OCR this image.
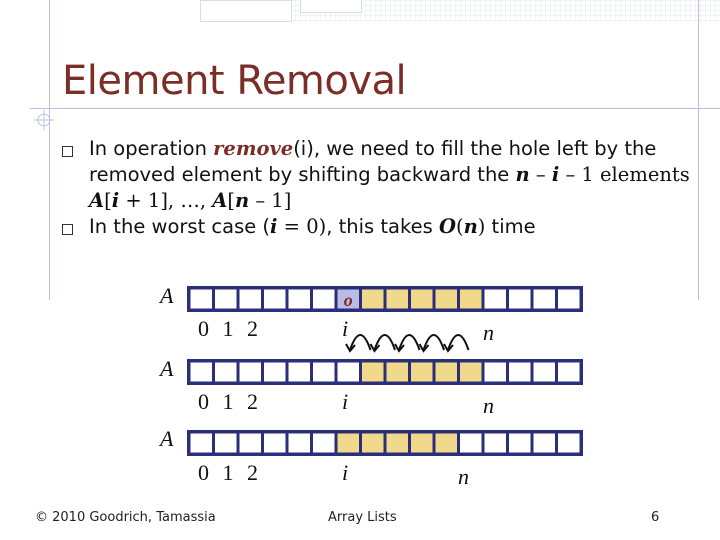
Element Removal
In operation remove(i), we need to fill the hole left by the removed element by shifting backward the n – i – 1 elements A[i + 1], …, A[n – 1]
In the worst case (i = 0), this takes O(n) time
o
A
0 1 2	i	n
A
0 1 2	i	n
A
0 1 2	i	n
© 2010 Goodrich, Tamassia	Array Lists	6
